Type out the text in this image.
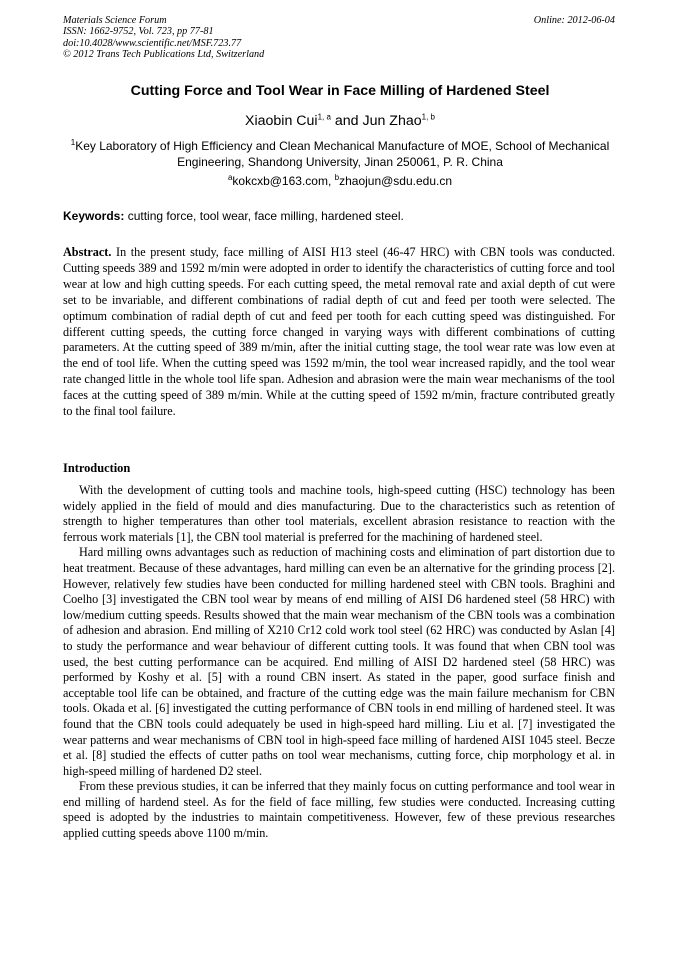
Materials Science Forum
ISSN: 1662-9752, Vol. 723, pp 77-81
doi:10.4028/www.scientific.net/MSF.723.77
© 2012 Trans Tech Publications Ltd, Switzerland
Online: 2012-06-04
Cutting Force and Tool Wear in Face Milling of Hardened Steel
Xiaobin Cui$^{1, a}$ and Jun Zhao$^{1, b}$
$^1$Key Laboratory of High Efficiency and Clean Mechanical Manufacture of MOE, School of Mechanical Engineering, Shandong University, Jinan 250061, P. R. China
$^a$kokcxb@163.com, $^b$zhaojun@sdu.edu.cn
Keywords: cutting force, tool wear, face milling, hardened steel.
Abstract. In the present study, face milling of AISI H13 steel (46-47 HRC) with CBN tools was conducted. Cutting speeds 389 and 1592 m/min were adopted in order to identify the characteristics of cutting force and tool wear at low and high cutting speeds. For each cutting speed, the metal removal rate and axial depth of cut were set to be invariable, and different combinations of radial depth of cut and feed per tooth were selected. The optimum combination of radial depth of cut and feed per tooth for each cutting speed was distinguished. For different cutting speeds, the cutting force changed in varying ways with different combinations of cutting parameters. At the cutting speed of 389 m/min, after the initial cutting stage, the tool wear rate was low even at the end of tool life. When the cutting speed was 1592 m/min, the tool wear increased rapidly, and the tool wear rate changed little in the whole tool life span. Adhesion and abrasion were the main wear mechanisms of the tool faces at the cutting speed of 389 m/min. While at the cutting speed of 1592 m/min, fracture contributed greatly to the final tool failure.
Introduction

With the development of cutting tools and machine tools, high-speed cutting (HSC) technology has been widely applied in the field of mould and dies manufacturing. Due to the characteristics such as retention of strength to higher temperatures than other tool materials, excellent abrasion resistance to reaction with the ferrous work materials [1], the CBN tool material is preferred for the machining of hardened steel.

Hard milling owns advantages such as reduction of machining costs and elimination of part distortion due to heat treatment. Because of these advantages, hard milling can even be an alternative for the grinding process [2]. However, relatively few studies have been conducted for milling hardened steel with CBN tools. Braghini and Coelho [3] investigated the CBN tool wear by means of end milling of AISI D6 hardened steel (58 HRC) with low/medium cutting speeds. Results showed that the main wear mechanism of the CBN tools was a combination of adhesion and abrasion. End milling of X210 Cr12 cold work tool steel (62 HRC) was conducted by Aslan [4] to study the performance and wear behaviour of different cutting tools. It was found that when CBN tool was used, the best cutting performance can be acquired. End milling of AISI D2 hardened steel (58 HRC) was performed by Koshy et al. [5] with a round CBN insert. As stated in the paper, good surface finish and acceptable tool life can be obtained, and fracture of the cutting edge was the main failure mechanism for CBN tools. Okada et al. [6] investigated the cutting performance of CBN tools in end milling of hardened steel. It was found that the CBN tools could adequately be used in high-speed hard milling. Liu et al. [7] investigated the wear patterns and wear mechanisms of CBN tool in high-speed face milling of hardened AISI 1045 steel. Becze et al. [8] studied the effects of cutter paths on tool wear mechanisms, cutting force, chip morphology et al. in high-speed milling of hardened D2 steel.

From these previous studies, it can be inferred that they mainly focus on cutting performance and tool wear in end milling of hardend steel. As for the field of face milling, few studies were conducted. Increasing cutting speed is adopted by the industries to maintain competitiveness. However, few of these previous researches applied cutting speeds above 1100 m/min.
